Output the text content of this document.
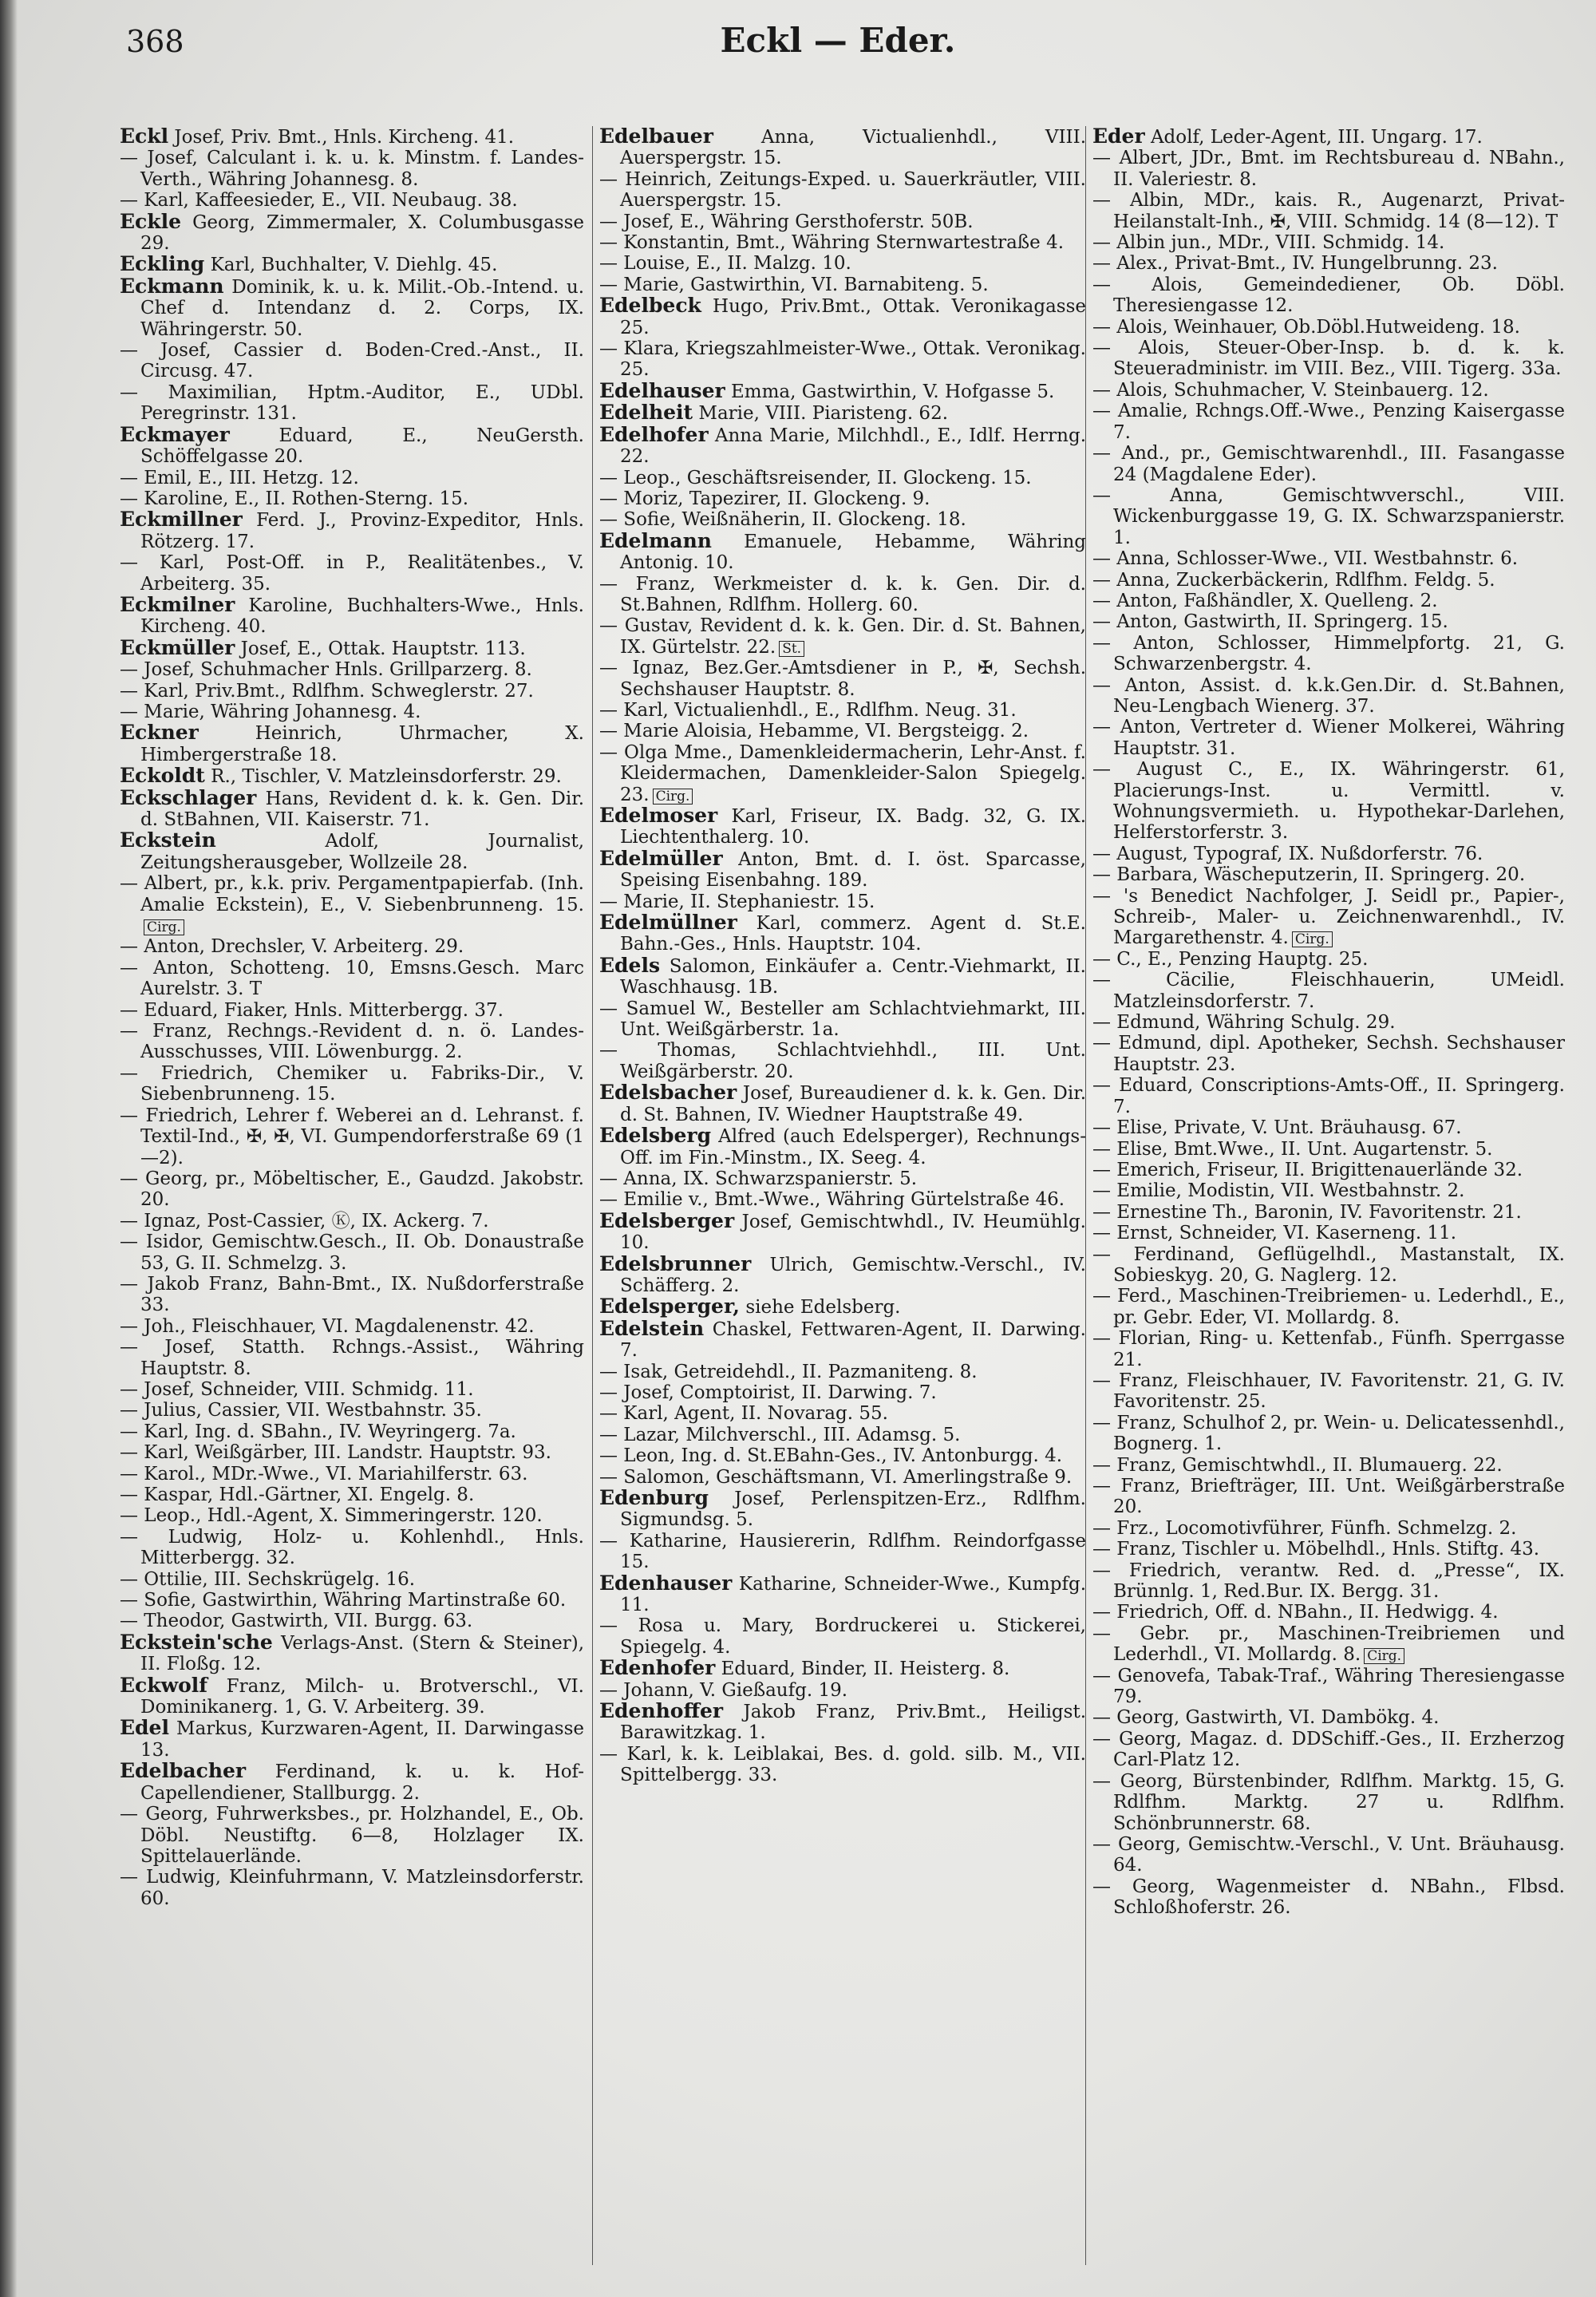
368	Eckl — Eder.

Eckl Josef, Priv. Bmt., Hnls. Kircheng. 41.

— Josef, Calculant i. k. u. k. Minstm. f. Landes-Verth., Währing Johannesg. 8.

— Karl, Kaffeesieder, E., VII. Neubaug. 38.

Eckle Georg, Zimmermaler, X. Columbusgasse 29.

Eckling Karl, Buchhalter, V. Diehlg. 45.

Eckmann Dominik, k. u. k. Milit.-Ob.-Intend. u. Chef d. Intendanz d. 2. Corps, IX. Währingerstr. 50.

— Josef, Cassier d. Boden-Cred.-Anst., II. Circusg. 47.

— Maximilian, Hptm.-Auditor, E., UDbl. Peregrinstr. 131.

Eckmayer	Eduard, E., NeuGersth. Schöffelgasse 20.

— Emil, E., III. Hetzg. 12.

— Karoline, E., II. Rothen-Sterng. 15.

Eckmillner Ferd. J., Provinz-Expeditor, Hnls. Rötzerg. 17.

— Karl, Post-Off. in P., Realitätenbes., V. Arbeiterg. 35.

Eckmilner Karoline, Buchhalters-Wwe., Hnls. Kircheng. 40.

Eckmüller Josef, E., Ottak. Hauptstr. 113.

— Josef, Schuhmacher Hnls. Grillparzerg. 8.

— Karl, Priv.Bmt., Rdlfhm. Schweglerstr. 27.

— Marie, Währing Johannesg. 4.

Eckner	Heinrich, Uhrmacher, X. Himbergerstraße 18.

Eckoldt R., Tischler, V. Matzleinsdorferstr. 29.

Eckschlager Hans, Revident d. k. k. Gen. Dir. d. StBahnen, VII. Kaiserstr. 71.

Eckstein	Adolf, Journalist, Zeitungsherausgeber, Wollzeile 28.

— Albert, pr., k.k. priv. Pergamentpapierfab. (Inh. Amalie Eckstein), E., V. Siebenbrunneng. 15.Cirg.

— Anton, Drechsler, V. Arbeiterg. 29.

— Anton, Schotteng. 10, Emsns.Gesch. Marc Aurelstr. 3. T

— Eduard, Fiaker, Hnls. Mitterbergg. 37.

— Franz, Rechngs.-Revident d. n. ö. Landes-Ausschusses, VIII. Löwenburgg. 2.

— Friedrich, Chemiker u. Fabriks-Dir., V. Siebenbrunneng. 15.

— Friedrich, Lehrer f. Weberei an d. Lehranst. f. Textil-Ind., ✠, ✠, VI. Gumpendorferstraße 69 (1—2).

— Georg, pr., Möbeltischer, E., Gaudzd. Jakobstr. 20.

— Ignaz, Post-Cassier, Ⓚ, IX. Ackerg. 7.

— Isidor, Gemischtw.Gesch., II. Ob. Donaustraße 53, G. II. Schmelzg. 3.

— Jakob Franz, Bahn-Bmt., IX. Nußdorferstraße 33.

— Joh., Fleischhauer, VI. Magdalenenstr. 42.

— Josef, Statth. Rchngs.-Assist., Währing Hauptstr. 8.

— Josef, Schneider, VIII. Schmidg. 11.

— Julius, Cassier, VII. Westbahnstr. 35.

— Karl, Ing. d. SBahn., IV. Weyringerg. 7a.

— Karl, Weißgärber, III. Landstr. Hauptstr. 93.

— Karol., MDr.-Wwe., VI. Mariahilferstr. 63.

— Kaspar, Hdl.-Gärtner, XI. Engelg. 8.

— Leop., Hdl.-Agent, X. Simmeringerstr. 120.

— Ludwig, Holz- u. Kohlenhdl., Hnls. Mitterbergg. 32.

— Ottilie, III. Sechskrügelg. 16.

— Sofie, Gastwirthin, Währing Martinstraße 60.

— Theodor, Gastwirth, VII. Burgg. 63.

Eckstein'sche Verlags-Anst. (Stern & Steiner), II. Floßg. 12.

Eckwolf Franz, Milch- u. Brotverschl., VI. Dominikanerg. 1, G. V. Arbeiterg. 39.

Edel Markus, Kurzwaren-Agent, II. Darwingasse 13.

Edelbacher Ferdinand, k. u. k. Hof-Capellendiener, Stallburgg. 2.

— Georg, Fuhrwerksbes., pr. Holzhandel, E., Ob. Döbl. Neustiftg. 6—8, Holzlager IX. Spittelauerlände.

— Ludwig, Kleinfuhrmann, V. Matzleinsdorferstr. 60.

Edelbauer	Anna, Victualienhdl., VIII. Auerspergstr. 15.

— Heinrich, Zeitungs-Exped. u. Sauerkräutler, VIII. Auerspergstr. 15.

— Josef, E., Währing Gersthoferstr. 50B.

— Konstantin, Bmt., Währing Sternwartestraße 4.

— Louise, E., II. Malzg. 10.

— Marie, Gastwirthin, VI. Barnabiteng. 5.

Edelbeck Hugo, Priv.Bmt., Ottak. Veronikagasse 25.

— Klara, Kriegszahlmeister-Wwe., Ottak. Veronikag. 25.

Edelhauser Emma, Gastwirthin, V. Hofgasse 5.

Edelheit Marie, VIII. Piaristeng. 62.

Edelhofer Anna Marie, Milchhdl., E., Idlf. Herrng. 22.

— Leop., Geschäftsreisender, II. Glockeng. 15.

— Moriz, Tapezirer, II. Glockeng. 9.

— Sofie, Weißnäherin, II. Glockeng. 18.

Edelmann Emanuele, Hebamme, Währing Antonig. 10.

— Franz, Werkmeister d. k. k. Gen. Dir. d. St.Bahnen, Rdlfhm. Hollerg. 60.

— Gustav, Revident d. k. k. Gen. Dir. d. St. Bahnen, IX. Gürtelstr. 22. St.

— Ignaz, Bez.Ger.-Amtsdiener in P., ✠, Sechsh. Sechshauser Hauptstr. 8.

— Karl, Victualienhdl., E., Rdlfhm. Neug. 31.

— Marie Aloisia, Hebamme, VI. Bergsteigg. 2.

— Olga Mme., Damenkleidermacherin, Lehr-Anst. f. Kleidermachen, Damenkleider-Salon Spiegelg. 23. Cirg.

Edelmoser Karl, Friseur, IX. Badg. 32, G. IX. Liechtenthalerg. 10.

Edelmüller Anton, Bmt. d. I. öst. Sparcasse, Speising Eisenbahng. 189.

— Marie, II. Stephaniestr. 15.

Edelmüllner Karl, commerz. Agent d. St.E. Bahn.-Ges., Hnls. Hauptstr. 104.

Edels Salomon, Einkäufer a. Centr.-Viehmarkt, II. Waschhausg. 1B.

— Samuel W., Besteller am Schlachtviehmarkt, III. Unt. Weißgärberstr. 1a.

— Thomas, Schlachtviehhdl., III. Unt. Weißgärberstr. 20.

Edelsbacher Josef, Bureaudiener d. k. k. Gen. Dir. d. St. Bahnen, IV. Wiedner Hauptstraße 49.

Edelsberg Alfred (auch Edelsperger), Rechnungs-Off. im Fin.-Minstm., IX. Seeg. 4.

— Anna, IX. Schwarzspanierstr. 5.

— Emilie v., Bmt.-Wwe., Währing Gürtelstraße 46.

Edelsberger Josef, Gemischtwhdl., IV. Heumühlg. 10.

Edelsbrunner Ulrich, Gemischtw.-Verschl., IV. Schäfferg. 2.

Edelsperger, siehe Edelsberg.

Edelstein Chaskel, Fettwaren-Agent, II. Darwing. 7.

— Isak, Getreidehdl., II. Pazmaniteng. 8.

— Josef, Comptoirist, II. Darwing. 7.

— Karl, Agent, II. Novarag. 55.

— Lazar, Milchverschl., III. Adamsg. 5.

— Leon, Ing. d. St.EBahn-Ges., IV. Antonburgg. 4.

— Salomon, Geschäftsmann, VI. Amerlingstraße 9.

Edenburg Josef, Perlenspitzen-Erz., Rdlfhm. Sigmundsg. 5.

— Katharine, Hausiererin, Rdlfhm. Reindorfgasse 15.

Edenhauser Katharine, Schneider-Wwe., Kumpfg. 11.

— Rosa u. Mary, Bordruckerei u. Stickerei, Spiegelg. 4.

Edenhofer Eduard, Binder, II. Heisterg. 8.

— Johann, V. Gießaufg. 19.

Edenhoffer Jakob Franz, Priv.Bmt., Heiligst. Barawitzkag. 1.

— Karl, k. k. Leiblakai, Bes. d. gold. silb. M., VII. Spittelbergg. 33.

Eder Adolf, Leder-Agent, III. Ungarg. 17.

— Albert, JDr., Bmt. im Rechtsbureau d. NBahn., II. Valeriestr. 8.

— Albin, MDr., kais. R., Augenarzt, Privat-Heilanstalt-Inh., ✠, VIII. Schmidg. 14 (8—12). T

— Albin jun., MDr., VIII. Schmidg. 14.

— Alex., Privat-Bmt., IV. Hungelbrunng. 23.

— Alois, Gemeindediener, Ob. Döbl. Theresiengasse 12.

— Alois, Weinhauer, Ob.Döbl.Hutweideng. 18.

— Alois, Steuer-Ober-Insp. b. d. k. k. Steueradministr. im VIII. Bez., VIII. Tigerg. 33a.

— Alois, Schuhmacher, V. Steinbauerg. 12.

— Amalie, Rchngs.Off.-Wwe., Penzing Kaisergasse 7.

— And., pr., Gemischtwarenhdl., III. Fasangasse 24 (Magdalene Eder).

— Anna, Gemischtwverschl., VIII. Wickenburggasse 19, G. IX. Schwarzspanierstr. 1.

— Anna, Schlosser-Wwe., VII. Westbahnstr. 6.

— Anna, Zuckerbäckerin, Rdlfhm. Feldg. 5.

— Anton, Faßhändler, X. Quelleng. 2.

— Anton, Gastwirth, II. Springerg. 15.

— Anton, Schlosser, Himmelpfortg. 21, G. Schwarzenbergstr. 4.

— Anton, Assist. d. k.k.Gen.Dir. d. St.Bahnen, Neu-Lengbach Wienerg. 37.

— Anton, Vertreter d. Wiener Molkerei, Währing Hauptstr. 31.

— August C., E., IX. Währingerstr. 61, Placierungs-Inst. u. Vermittl. v. Wohnungsvermieth. u. Hypothekar-Darlehen, Helferstorferstr. 3.

— August, Typograf, IX. Nußdorferstr. 76.

— Barbara, Wäscheputzerin, II. Springerg. 20.

— 's Benedict Nachfolger, J. Seidl pr., Papier-, Schreib-, Maler- u. Zeichnenwarenhdl., IV. Margarethenstr. 4. Cirg.

— C., E., Penzing Hauptg. 25.

— Cäcilie, Fleischhauerin, UMeidl. Matzleinsdorferstr. 7.

— Edmund, Währing Schulg. 29.

— Edmund, dipl. Apotheker, Sechsh. Sechshauser Hauptstr. 23.

— Eduard, Conscriptions-Amts-Off., II. Springerg. 7.

— Elise, Private, V. Unt. Bräuhausg. 67.

— Elise, Bmt.Wwe., II. Unt. Augartenstr. 5.

— Emerich, Friseur, II. Brigittenauerlände 32.

— Emilie, Modistin, VII. Westbahnstr. 2.

— Ernestine Th., Baronin, IV. Favoritenstr. 21.

— Ernst, Schneider, VI. Kaserneng. 11.

— Ferdinand, Geflügelhdl., Mastanstalt, IX. Sobieskyg. 20, G. Naglerg. 12.

— Ferd., Maschinen-Treibriemen- u. Lederhdl., E., pr. Gebr. Eder, VI. Mollardg. 8.

— Florian, Ring- u. Kettenfab., Fünfh. Sperrgasse 21.

— Franz, Fleischhauer, IV. Favoritenstr. 21, G. IV. Favoritenstr. 25.

— Franz, Schulhof 2, pr. Wein- u. Delicatessenhdl., Bognerg. 1.

— Franz, Gemischtwhdl., II. Blumauerg. 22.

— Franz, Briefträger, III. Unt. Weißgärberstraße 20.

— Frz., Locomotivführer, Fünfh. Schmelzg. 2.

— Franz, Tischler u. Möbelhdl., Hnls. Stiftg. 43.

— Friedrich, verantw. Red. d. „Presse“, IX. Brünnlg. 1, Red.Bur. IX. Bergg. 31.

— Friedrich, Off. d. NBahn., II. Hedwigg. 4.

— Gebr. pr., Maschinen-Treibriemen und Lederhdl., VI. Mollardg. 8. Cirg.

— Genovefa, Tabak-Traf., Währing Theresiengasse 79.

— Georg, Gastwirth, VI. Dambökg. 4.

— Georg, Magaz. d. DDSchiff.-Ges., II. Erzherzog Carl-Platz 12.

— Georg, Bürstenbinder, Rdlfhm. Marktg. 15, G. Rdlfhm. Marktg. 27 u. Rdlfhm. Schönbrunnerstr. 68.

— Georg, Gemischtw.-Verschl., V. Unt. Bräuhausg. 64.

— Georg, Wagenmeister d. NBahn., Flbsd. Schloßhoferstr. 26.
